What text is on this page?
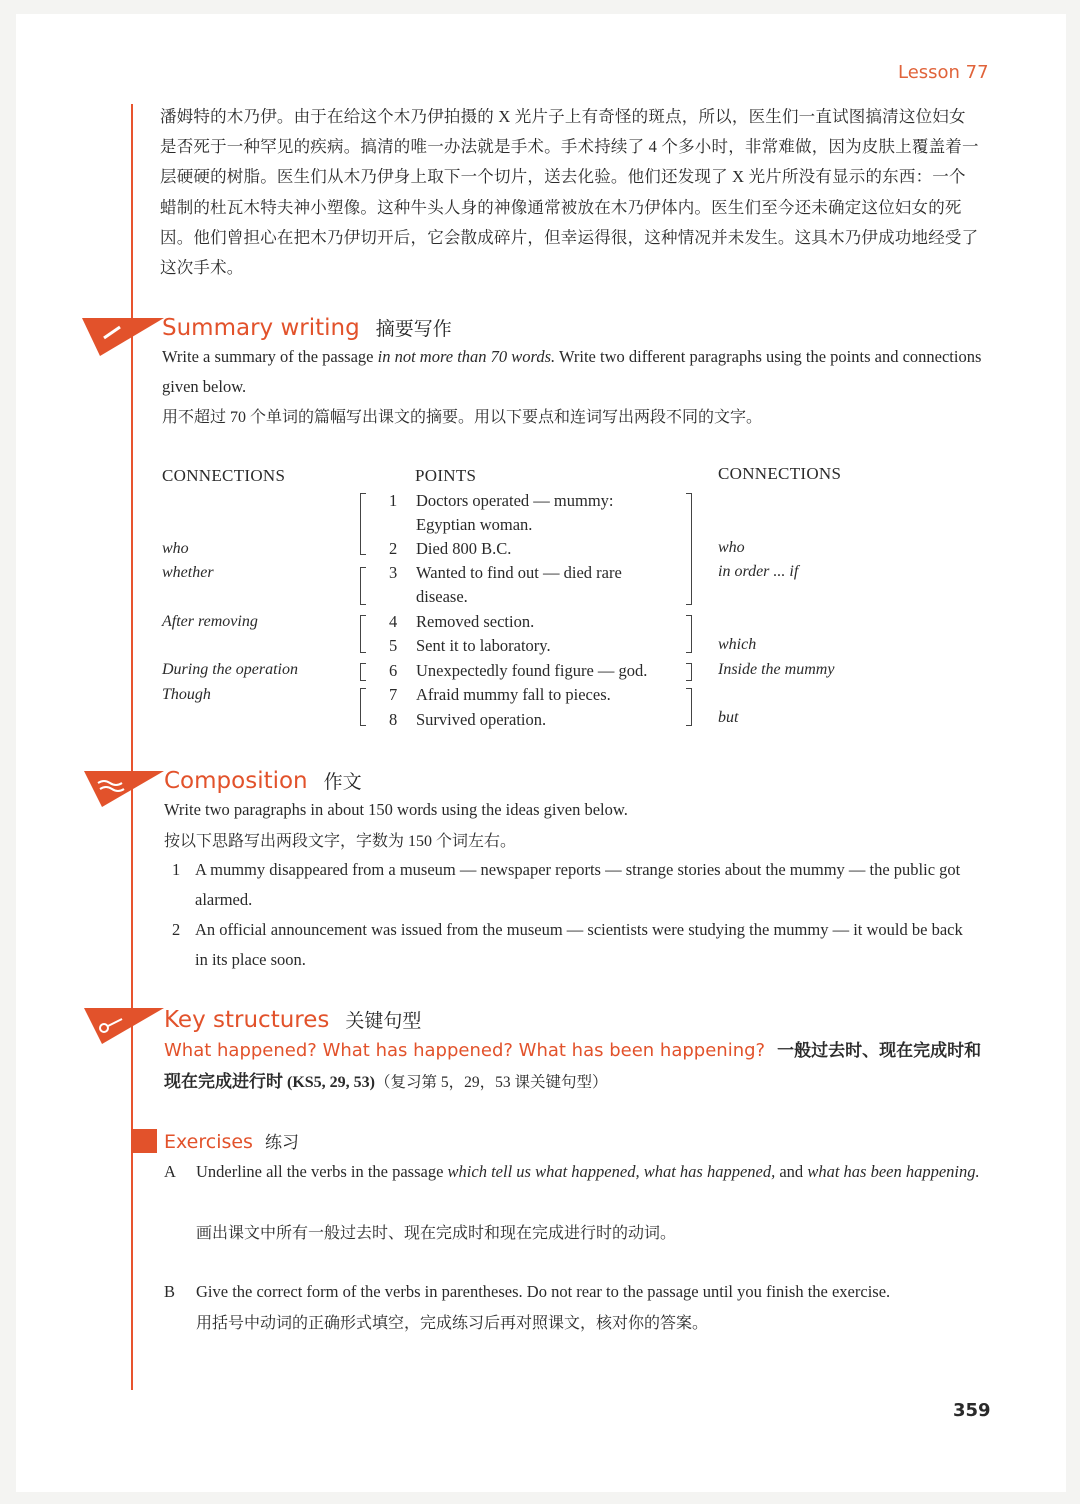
Lesson 77
潘姆特的木乃伊。由于在给这个木乃伊拍摄的 X 光片子上有奇怪的斑点，所以，医生们一直试图搞清这位妇女是否死于一种罕见的疾病。搞清的唯一办法就是手术。手术持续了 4 个多小时，非常难做，因为皮肤上覆盖着一层硬硬的树脂。医生们从木乃伊身上取下一个切片，送去化验。他们还发现了 X 光片所没有显示的东西：一个蜡制的杜瓦木特夫神小塑像。这种牛头人身的神像通常被放在木乃伊体内。医生们至今还未确定这位妇女的死因。他们曾担心在把木乃伊切开后，它会散成碎片，但幸运得很，这种情况并未发生。这具木乃伊成功地经受了这次手术。
Summary writing 摘要写作
Write a summary of the passage in not more than 70 words. Write two different paragraphs using the points and connections given below.
用不超过 70 个单词的篇幅写出课文的摘要。用以下要点和连词写出两段不同的文字。
CONNECTIONS	POINTS	CONNECTIONS
who
whether
After removing
During the operation
Though
who
in order ... if
which
Inside the mummy
but
1 Doctors operated — mummy:
Egyptian woman.
2 Died 800 B.C.
3 Wanted to find out — died rare
disease.
4 Removed section.
5 Sent it to laboratory.
6 Unexpectedly found figure — god.
7 Afraid mummy fall to pieces.
8 Survived operation.
Composition 作文
Write two paragraphs in about 150 words using the ideas given below.
按以下思路写出两段文字，字数为 150 个词左右。
1 A mummy disappeared from a museum — newspaper reports — strange stories about the mummy — the public got alarmed.
2 An official announcement was issued from the museum — scientists were studying the mummy — it would be back in its place soon.
Key structures 关键句型
What happened? What has happened? What has been happening? 一般过去时、现在完成时和现在完成进行时 (KS5, 29, 53)（复习第 5，29，53 课关键句型）
Exercises 练习
A Underline all the verbs in the passage which tell us what happened, what has happened, and what has been happening.
画出课文中所有一般过去时、现在完成时和现在完成进行时的动词。
B Give the correct form of the verbs in parentheses. Do not rear to the passage until you finish the exercise.
用括号中动词的正确形式填空，完成练习后再对照课文，核对你的答案。
359
